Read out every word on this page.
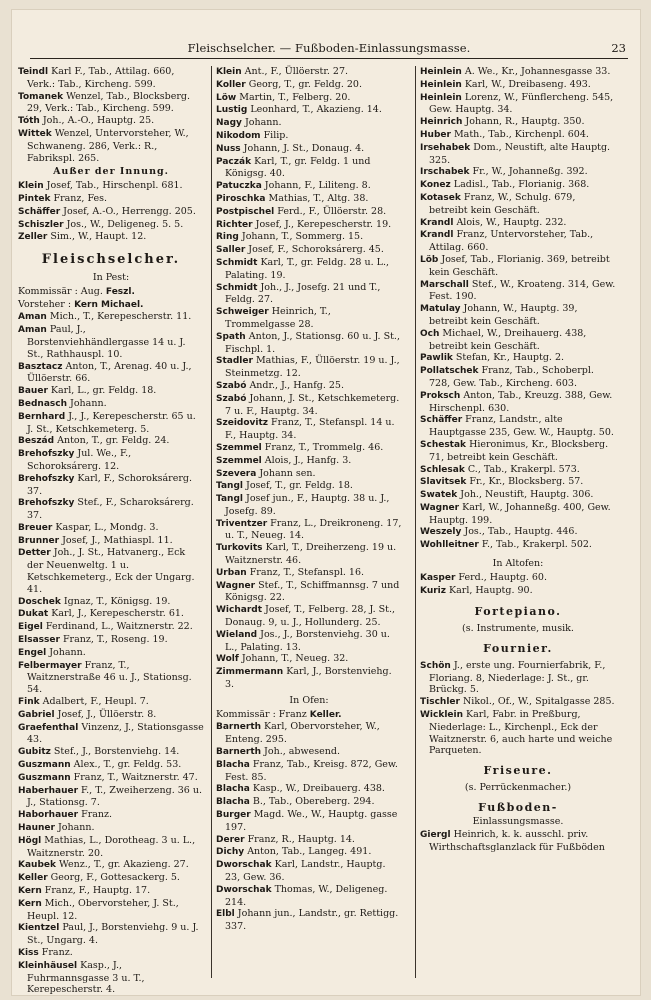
Fleischselcher. — Fußboden-Einlassungsmasse.	23

Teindl Karl F., Tab., Attilag. 660, Verk.: Tab., Kircheng. 599.

Tomanek Wenzel, Tab., Blocksberg. 29, Verk.: Tab., Kircheng. 599.

Tóth Joh., A.-O., Hauptg. 25.

Wittek Wenzel, Untervorsteher, W., Schwaneng. 286, Verk.: R., Fabrikspl. 265.

Außer der Innung.

Klein Josef, Tab., Hirschenpl. 681.

Pintek Franz, Fes.

Schäffer Josef, A.-O., Herrengg. 205.

Schiszler Jos., W., Deligeneg. 5. 5.

Zeller Sim., W., Haupt. 12.

Fleischselcher.
In Pest:

Kommissär : Aug. Feszl.

Vorsteher : Kern Michael.

Aman Mich., T., Kerepescherstr. 11.

Aman Paul, J., Borstenviehhändlergasse 14 u. J. St., Rathhauspl. 10.

Basztacz Anton, T., Arenag. 40 u. J., Üllöerstr. 66.

Bauer Karl, L., gr. Feldg. 18.

Bednasch Johann.

Bernhard J., J., Kerepescherstr. 65 u. J. St., Ketschkemeterg. 5.

Beszád Anton, T., gr. Feldg. 24.

Brehofszky Jul. We., F., Schoroksárerg. 12.

Brehofszky Karl, F., Schoroksárerg. 37.

Brehofszky Stef., F., Scharoksárerg. 37.

Breuer Kaspar, L., Mondg. 3.

Brunner Josef, J., Mathiaspl. 11.

Detter Joh., J. St., Hatvanerg., Eck der Neuenweltg. 1 u. Ketschkemeterg., Eck der Ungarg. 41.

Doschek Ignaz, T., Königsg. 19.

Dukat Karl, J., Kerepescherstr. 61.

Eigel Ferdinand, L., Waitznerstr. 22.

Elsasser Franz, T., Roseng. 19.

Engel Johann.

Felbermayer Franz, T., Waitznerstraße 46 u. J., Stationsg. 54.

Fink Adalbert, F., Heupl. 7.

Gabriel Josef, J., Üllöerstr. 8.

Graefenthal Vinzenz, J., Stationsgasse 43.

Gubitz Stef., J., Borstenviehg. 14.

Guszmann Alex., T., gr. Feldg. 53.

Guszmann Franz, T., Waitznerstr. 47.

Haberhauer F., T., Zweiherzeng. 36 u. J., Stationsg. 7.

Haborhauer Franz.

Hauner Johann.

Högl Mathias, L., Dorotheag. 3 u. L., Waitznerstr. 20.

Kaubek Wenz., T., gr. Akazieng. 27.

Keller Georg, F., Gottesackerg. 5.

Kern Franz, F., Hauptg. 17.

Kern Mich., Obervorsteher, J. St., Heupl. 12.

Kientzel Paul, J., Borstenviehg. 9 u. J. St., Ungarg. 4.

Kiss Franz.

Kleinhäusel Kasp., J., Fuhrmannsgasse 3 u. T., Kerepescherstr. 4.

Klein Ant., F., Üllöerstr. 27.

Koller Georg, T., gr. Feldg. 20.

Löw Martin, T., Felberg. 20.

Lustig Leonhard, T., Akazieng. 14.

Nagy Johann.

Nikodom Filip.

Nuss Johann, J. St., Donaug. 4.

Paczák Karl, T., gr. Feldg. 1 und Königsg. 40.

Patuczka Johann, F., Liliteng. 8.

Piroschka Mathias, T., Altg. 38.

Postpischel Ferd., F., Üllöerstr. 28.

Richter Josef, J., Kerepescherstr. 19.

Ring Johann, T., Sommerg. 15.

Saller Josef, F., Schoroksárerg. 45.

Schmidt Karl, T., gr. Feldg. 28 u. L., Palating. 19.

Schmidt Joh., J., Josefg. 21 und T., Feldg. 27.

Schweiger Heinrich, T., Trommelgasse 28.

Spath Anton, J., Stationsg. 60 u. J. St., Fischpl. 1.

Stadler Mathias, F., Üllöerstr. 19 u. J., Steinmetzg. 12.

Szabó Andr., J., Hanfg. 25.

Szabó Johann, J. St., Ketschkemeterg. 7 u. F., Hauptg. 34.

Szeidovitz Franz, T., Stefanspl. 14 u. F., Hauptg. 34.

Szemmel Franz, T., Trommelg. 46.

Szemmel Alois, J., Hanfg. 3.

Szevera Johann sen.

Tangl Josef, T., gr. Feldg. 18.

Tangl Josef jun., F., Hauptg. 38 u. J., Josefg. 89.

Triventzer Franz, L., Dreikroneng. 17, u. T., Neueg. 14.

Turkovits Karl, T., Dreiherzeng. 19 u. Waitznerstr. 46.

Urban Franz, T., Stefanspl. 16.

Wagner Stef., T., Schiffmannsg. 7 und Königsg. 22.

Wichardt Josef, T., Felberg. 28, J. St., Donaug. 9, u. J., Hollunderg. 25.

Wieland Jos., J., Borstenviehg. 30 u. L., Palating. 13.

Wolf Johann, T., Neueg. 32.

Zimmermann Karl, J., Borstenviehg. 3.

In Ofen:

Kommissär : Franz Keller.

Barnerth Karl, Obervorsteher, W., Enteng. 295.

Barnerth Joh., abwesend.

Blacha Franz, Tab., Kreisg. 872, Gew. Fest. 85.

Blacha Kasp., W., Dreibauerg. 438.

Blacha B., Tab., Obereberg. 294.

Burger Magd. We., W., Hauptg. gasse 197.

Derer Franz, R., Hauptg. 14.

Dichy Anton, Tab., Langeg. 491.

Dworschak Karl, Landstr., Hauptg. 23, Gew. 36.

Dworschak Thomas, W., Deligeneg. 214.

Elbl Johann jun., Landstr., gr. Rettigg. 337.

Heinlein A. We., Kr., Johannesgasse 33.

Heinlein Karl, W., Dreibaseng. 493.

Heinlein Lorenz, W., Fünflercheng. 545, Gew. Hauptg. 34.

Heinrich Johann, R., Hauptg. 350.

Huber Math., Tab., Kirchenpl. 604.

Irsehabek Dom., Neustift, alte Hauptg. 325.

Irschabek Fr., W., Johanneßg. 392.

Konez Ladisl., Tab., Florianig. 368.

Kotasek Franz, W., Schulg. 679, betreibt kein Geschäft.

Krandl Alois, W., Hauptg. 232.

Krandl Franz, Untervorsteher, Tab., Attilag. 660.

Löb Josef, Tab., Florianig. 369, betreibt kein Geschäft.

Marschall Stef., W., Kroateng. 314, Gew. Fest. 190.

Matulay Johann, W., Hauptg. 39, betreibt kein Geschäft.

Och Michael, W., Dreihauerg. 438, betreibt kein Geschäft.

Pawlik Stefan, Kr., Hauptg. 2.

Pollatschek Franz, Tab., Schoberpl. 728, Gew. Tab., Kircheng. 603.

Proksch Anton, Tab., Kreuzg. 388, Gew. Hirschenpl. 630.

Schäffer Franz, Landstr., alte Hauptgasse 235, Gew. W., Hauptg. 50.

Schestak Hieronimus, Kr., Blocksberg. 71, betreibt kein Geschäft.

Schlesak C., Tab., Krakerpl. 573.

Slavitsek Fr., Kr., Blocksberg. 57.

Swatek Joh., Neustift, Hauptg. 306.

Wagner Karl, W., Johanneßg. 400, Gew. Hauptg. 199.

Weszely Jos., Tab., Hauptg. 446.

Wohlleitner F., Tab., Krakerpl. 502.

In Altofen:

Kasper Ferd., Hauptg. 60.

Kuriz Karl, Hauptg. 90.

Fortepiano.
(s. Instrumente, musik.
Fournier.

Schön J., erste ung. Fournierfabrik, F., Floriang. 8, Niederlage: J. St., gr. Brückg. 5.

Tischler Nikol., Of., W., Spitalgasse 285.

Wicklein Karl, Fabr. in Preßburg, Niederlage: L., Kirchenpl., Eck der Waitznerstr. 6, auch harte und weiche Parqueten.

Friseure.
(s. Perrückenmacher.)
Fußboden-
Einlassungsmasse.

Giergl Heinrich, k. k. ausschl. priv. Wirthschaftsglanzlack für Fußböden
